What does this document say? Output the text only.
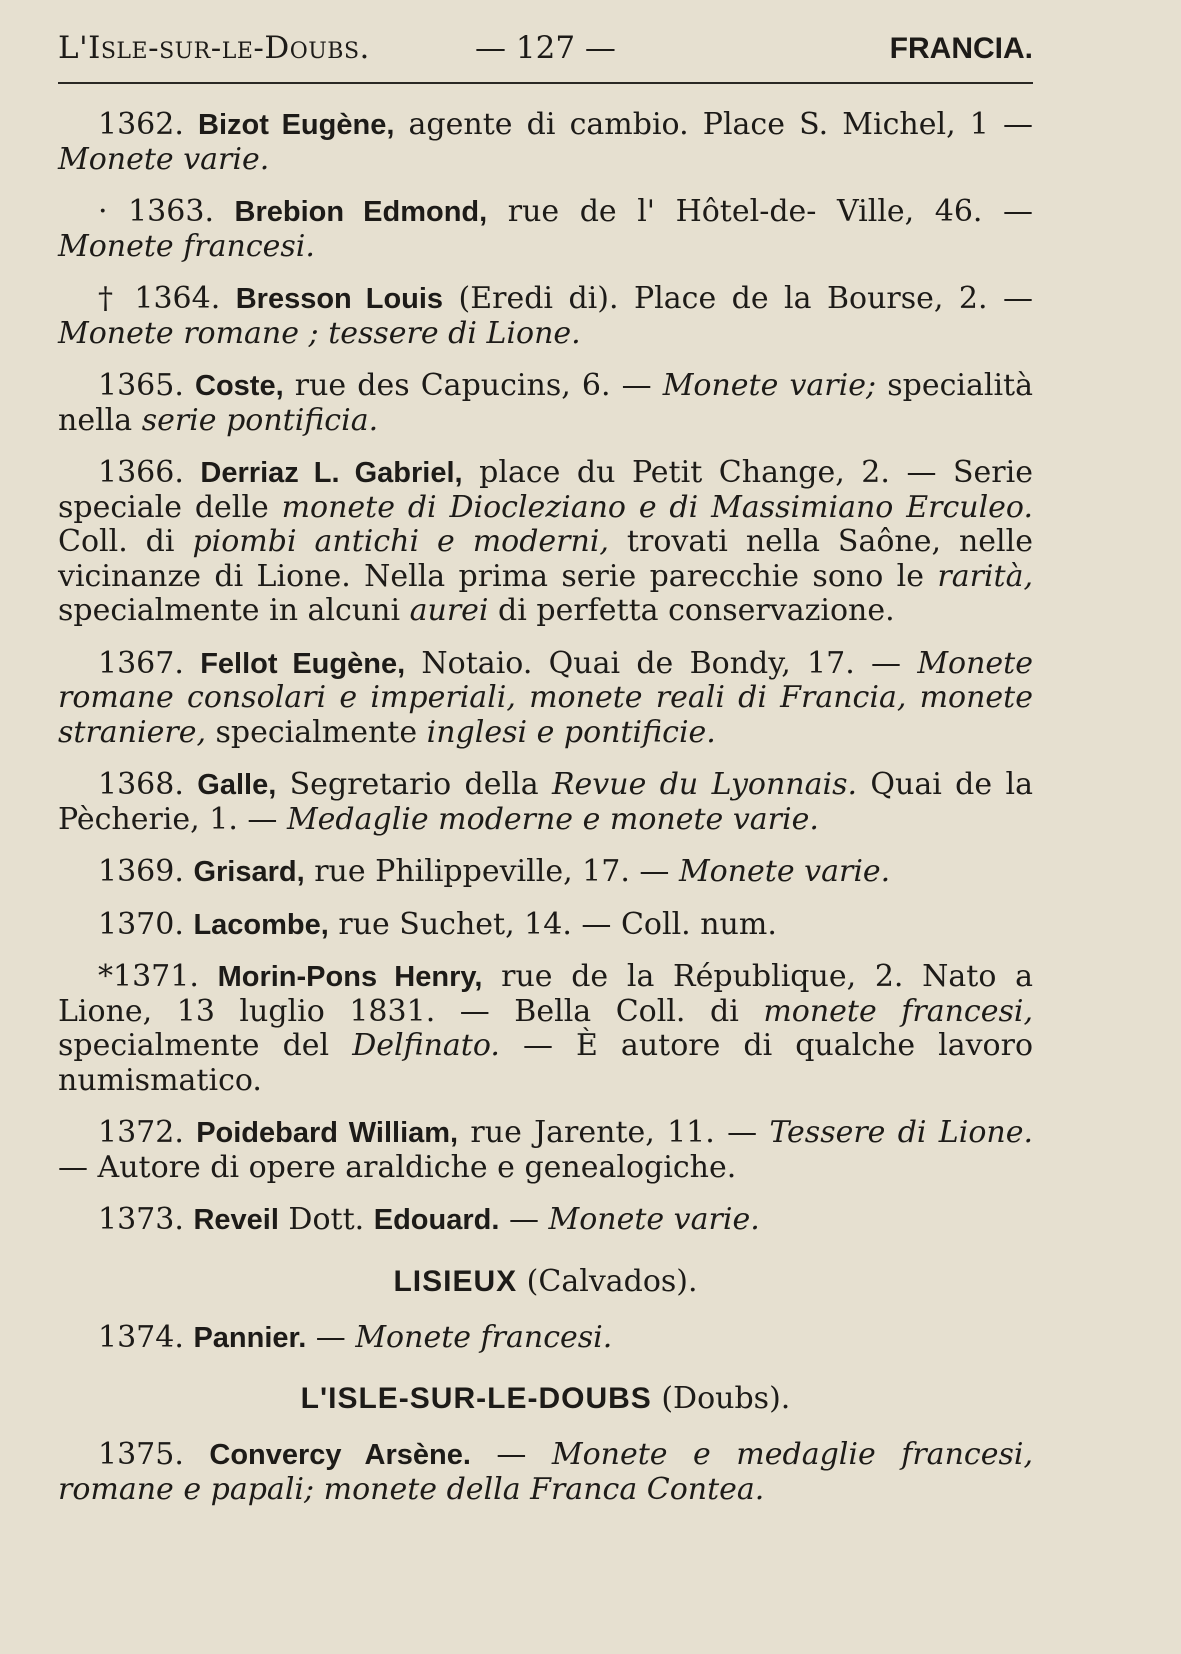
L'Isle-sur-le-Doubs.	— 127 —	FRANCIA.

1362. Bizot Eugène, agente di cambio. Place S. Michel, 1 — Monete varie.

· 1363. Brebion Edmond, rue de l' Hôtel-de- Ville, 46. — Monete francesi.

† 1364. Bresson Louis (Eredi di). Place de la Bourse, 2. — Monete romane ; tessere di Lione.

1365. Coste, rue des Capucins, 6. — Monete varie; specialità nella serie pontificia.

1366. Derriaz L. Gabriel, place du Petit Change, 2. — Serie speciale delle monete di Diocleziano e di Massimiano Erculeo. Coll. di piombi antichi e moderni, trovati nella Saône, nelle vicinanze di Lione. Nella prima serie parecchie sono le rarità, specialmente in alcuni aurei di perfetta conservazione.

1367. Fellot Eugène, Notaio. Quai de Bondy, 17. — Monete romane consolari e imperiali, monete reali di Francia, monete straniere, specialmente inglesi e pontificie.

1368. Galle, Segretario della Revue du Lyonnais. Quai de la Pècherie, 1. — Medaglie moderne e monete varie.

1369. Grisard, rue Philippeville, 17. — Monete varie.

1370. Lacombe, rue Suchet, 14. — Coll. num.

*1371. Morin-Pons Henry, rue de la République, 2. Nato a Lione, 13 luglio 1831. — Bella Coll. di monete francesi, specialmente del Delfinato. — È autore di qualche lavoro numismatico.

1372. Poidebard William, rue Jarente, 11. — Tessere di Lione. — Autore di opere araldiche e genealogiche.

1373. Reveil Dott. Edouard. — Monete varie.

LISIEUX (Calvados).

1374. Pannier. — Monete francesi.

L'ISLE-SUR-LE-DOUBS (Doubs).

1375. Convercy Arsène. — Monete e medaglie francesi, romane e papali; monete della Franca Contea.
